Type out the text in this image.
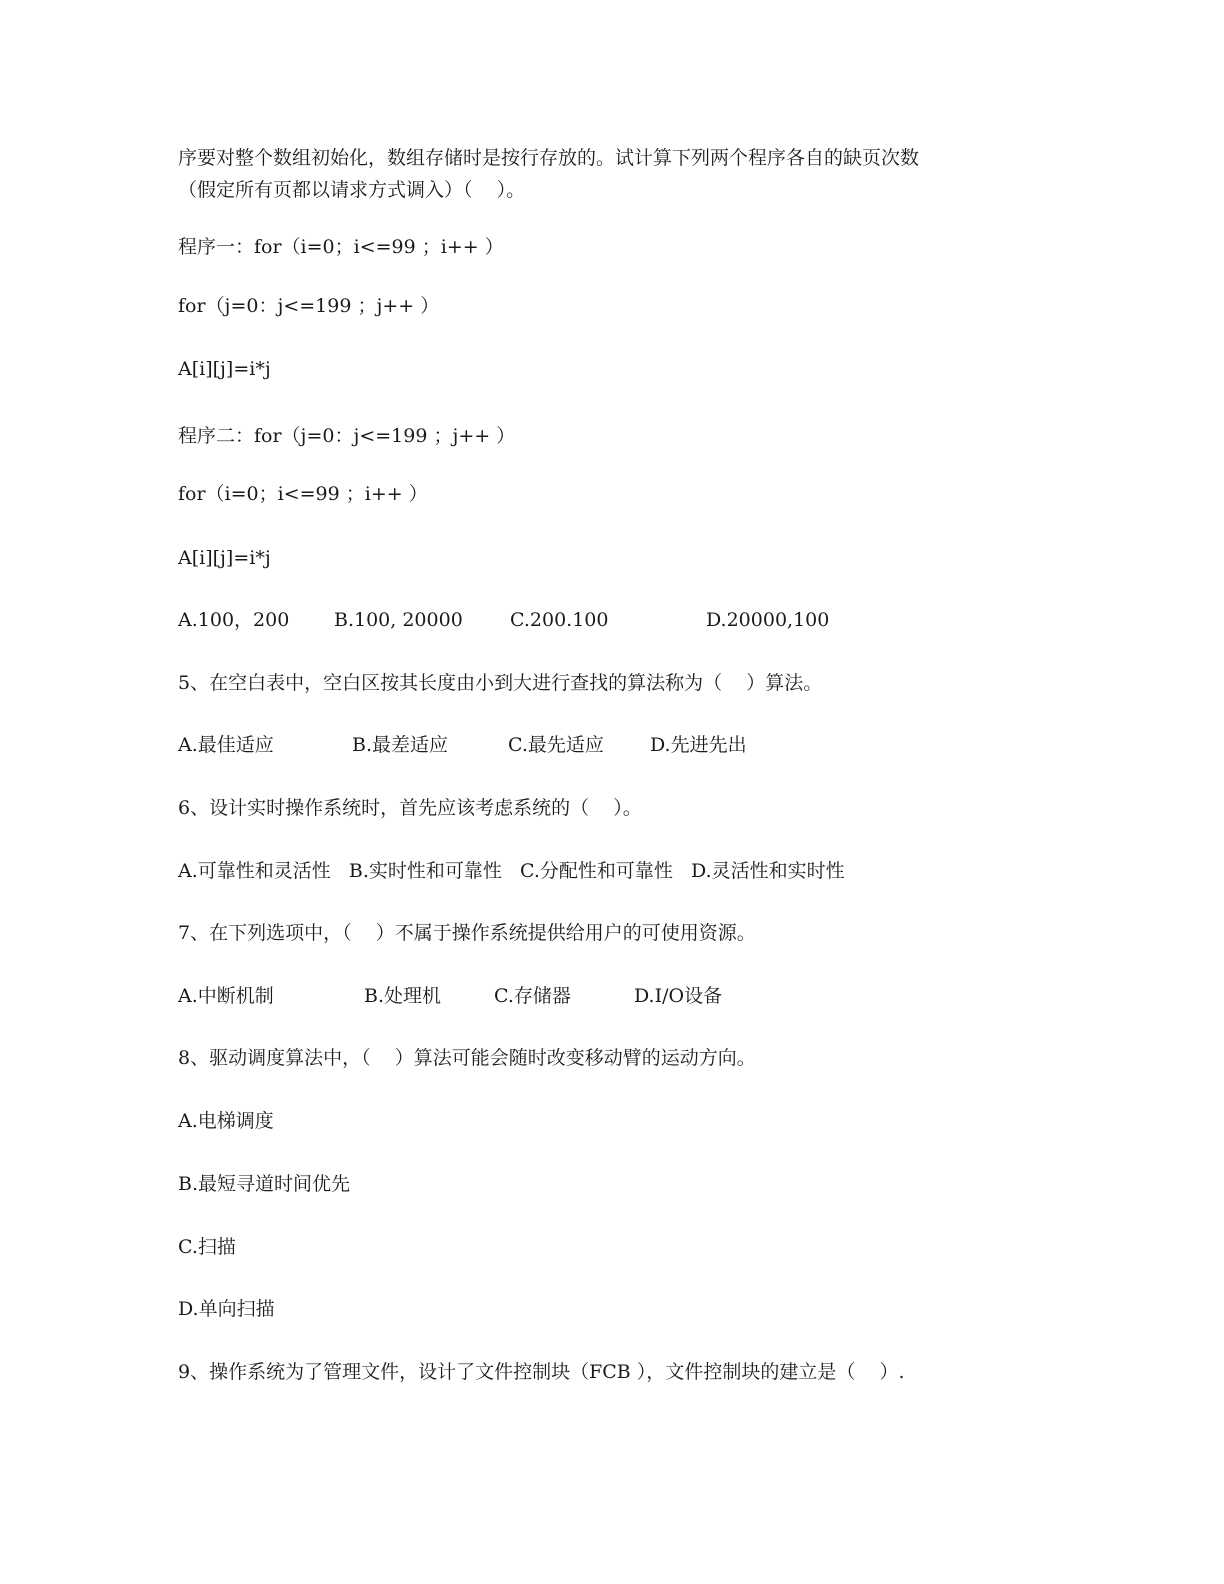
序要对整个数组初始化，数组存储时是按行存放的。试计算下列两个程序各自的缺页次数
（假定所有页都以请求方式调入）（    ）。
程序一：for（i=0；i<=99 ；i++ ）
for（j=0：j<=199 ；j++ ）
A[i][j]=i*j
程序二：for（j=0：j<=199 ；j++ ）
for（i=0；i<=99 ；i++ ）
A[i][j]=i*j
A.100，200 B.100, 20000 C.200.100	D.20000,100
5、在空白表中，空白区按其长度由小到大进行查找的算法称为（    ）算法。
A.最佳适应	B.最差适应	C.最先适应 D.先进先出
6、设计实时操作系统时，首先应该考虑系统的（    ）。
A.可靠性和灵活性   B.实时性和可靠性   C.分配性和可靠性   D.灵活性和实时性
7、在下列选项中，（    ）不属于操作系统提供给用户的可使用资源。
A.中断机制	B.处理机	C.存储器	D.I/O设备
8、驱动调度算法中，（    ）算法可能会随时改变移动臂的运动方向。
A.电梯调度
B.最短寻道时间优先
C.扫描
D.单向扫描
9、操作系统为了管理文件，设计了文件控制块（FCB ），文件控制块的建立是（    ）.
